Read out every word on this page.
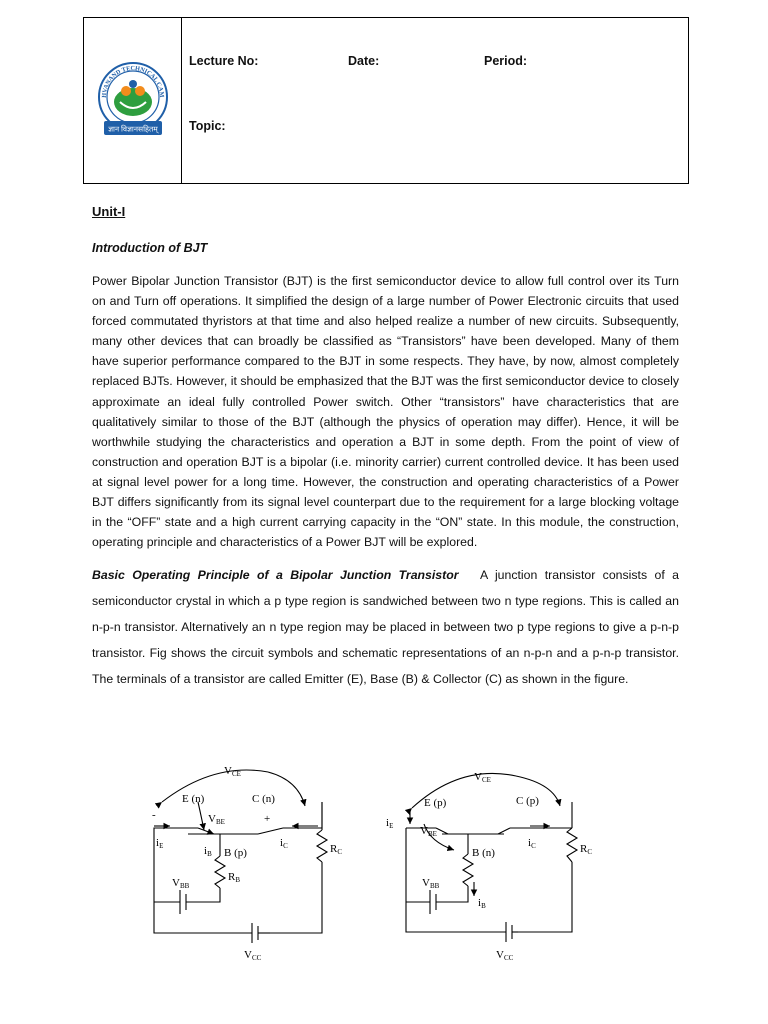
HVANAND TECHNICAL CAM
ज्ञान विज्ञानसहितम्
Lecture No:	Date:	Period:
Topic:

Unit-I

Introduction of BJT

Power Bipolar Junction Transistor (BJT) is the first semiconductor device to allow full control over its Turn on and Turn off operations. It simplified the design of a large number of Power Electronic circuits that used forced commutated thyristors at that time and also helped realize a number of new circuits. Subsequently, many other devices that can broadly be classified as “Transistors” have been developed. Many of them have superior performance compared to the BJT in some respects. They have, by now, almost completely replaced BJTs. However, it should be emphasized that the BJT was the first semiconductor device to closely approximate an ideal fully controlled Power switch. Other “transistors” have characteristics that are qualitatively similar to those of the BJT (although the physics of operation may differ). Hence, it will be worthwhile studying the characteristics and operation a BJT in some depth. From the point of view of construction and operation BJT is a bipolar (i.e. minority carrier) current controlled device. It has been used at signal level power for a long time. However, the construction and operating characteristics of a Power BJT differs significantly from its signal level counterpart due to the requirement for a large blocking voltage in the “OFF” state and a high current carrying capacity in the “ON” state. In this module, the construction, operating principle and characteristics of a Power BJT will be explored.

Basic Operating Principle of a Bipolar Junction Transistor A junction transistor consists of a semiconductor crystal in which a p type region is sandwiched between two n type regions. This is called an n-p-n transistor. Alternatively an n type region may be placed in between two p type regions to give a p-n-p transistor. Fig shows the circuit symbols and schematic representations of an n-p-n and a p-n-p transistor. The terminals of a transistor are called Emitter (E), Base (B) & Collector (C) as shown in the figure.

VCE
E (n)	C (n)
VBE
-	+
iE	iC
iB B (p)
VBB
RB
RC
VCC
VCE
E (p)	C (p)
VBE
iE
iC
B (n)
VBB
iB
RC
VCC
